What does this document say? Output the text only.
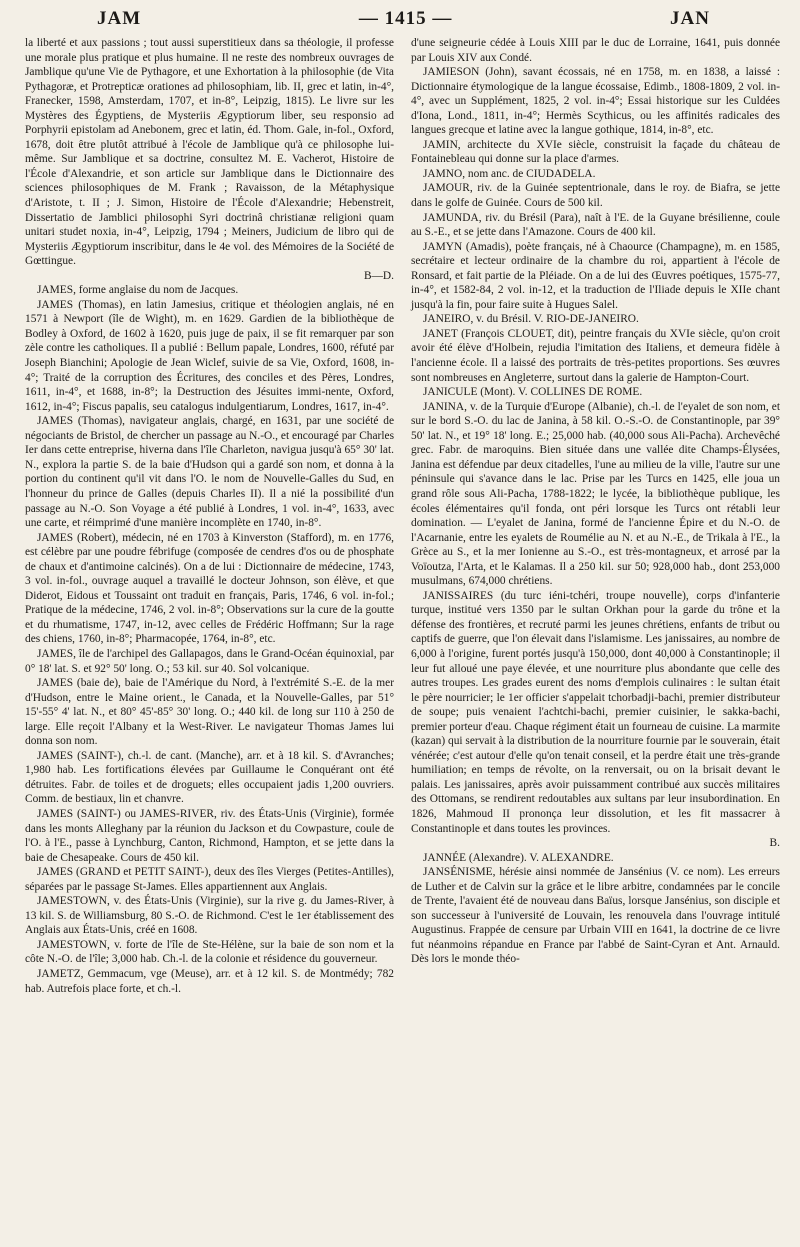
JAM	— 1415 —	JAN

la liberté et aux passions ; tout aussi superstitieux dans sa théologie, il professe une morale plus pratique et plus humaine. Il ne reste des nombreux ouvrages de Jamblique qu'une Vie de Pythagore, et une Exhortation à la philosophie (de Vita Pythagoræ, et Protrepticæ orationes ad philosophiam, lib. II, grec et latin, in-4°, Franecker, 1598, Amsterdam, 1707, et in-8°, Leipzig, 1815). Le livre sur les Mystères des Égyptiens, de Mysteriis Ægyptiorum liber, seu responsio ad Porphyrii epistolam ad Anebonem, grec et latin, éd. Thom. Gale, in-fol., Oxford, 1678, doit être plutôt attribué à l'école de Jamblique qu'à ce philosophe lui-même. Sur Jamblique et sa doctrine, consultez M. E. Vacherot, Histoire de l'École d'Alexandrie, et son article sur Jamblique dans le Dictionnaire des sciences philosophiques de M. Frank ; Ravaisson, de la Métaphysique d'Aristote, t. II ; J. Simon, Histoire de l'École d'Alexandrie; Hebenstreit, Dissertatio de Jamblici philosophi Syri doctrinâ christianæ religioni quam unitari studet noxia, in-4°, Leipzig, 1794 ; Meiners, Judicium de libro qui de Mysteriis Ægyptiorum inscribitur, dans le 4e vol. des Mémoires de la Société de Gœttingue.

B—D.

JAMES, forme anglaise du nom de Jacques.

JAMES (Thomas), en latin Jamesius, critique et théologien anglais, né en 1571 à Newport (île de Wight), m. en 1629. Gardien de la bibliothèque de Bodley à Oxford, de 1602 à 1620, puis juge de paix, il se fit remarquer par son zèle contre les catholiques. Il a publié : Bellum papale, Londres, 1600, réfuté par Joseph Bianchini; Apologie de Jean Wiclef, suivie de sa Vie, Oxford, 1608, in-4°; Traité de la corruption des Écritures, des conciles et des Pères, Londres, 1611, in-4°, et 1688, in-8°; la Destruction des Jésuites immi-nente, Oxford, 1612, in-4°; Fiscus papalis, seu catalogus indulgentiarum, Londres, 1617, in-4°.

JAMES (Thomas), navigateur anglais, chargé, en 1631, par une société de négociants de Bristol, de chercher un passage au N.-O., et encouragé par Charles Ier dans cette entreprise, hiverna dans l'île Charleton, navigua jusqu'à 65° 30' lat. N., explora la partie S. de la baie d'Hudson qui a gardé son nom, et donna à la portion du continent qu'il vit dans l'O. le nom de Nouvelle-Galles du Sud, en l'honneur du prince de Galles (depuis Charles II). Il a nié la possibilité d'un passage au N.-O. Son Voyage a été publié à Londres, 1 vol. in-4°, 1633, avec une carte, et réimprimé d'une manière incomplète en 1740, in-8°.

JAMES (Robert), médecin, né en 1703 à Kinverston (Stafford), m. en 1776, est célèbre par une poudre fébrifuge (composée de cendres d'os ou de phosphate de chaux et d'antimoine calcinés). On a de lui : Dictionnaire de médecine, 1743, 3 vol. in-fol., ouvrage auquel a travaillé le docteur Johnson, son élève, et que Diderot, Eidous et Toussaint ont traduit en français, Paris, 1746, 6 vol. in-fol.; Pratique de la médecine, 1746, 2 vol. in-8°; Observations sur la cure de la goutte et du rhumatisme, 1747, in-12, avec celles de Frédéric Hoffmann; Sur la rage des chiens, 1760, in-8°; Pharmacopée, 1764, in-8°, etc.

JAMES, île de l'archipel des Gallapagos, dans le Grand-Océan équinoxial, par 0° 18' lat. S. et 92° 50' long. O.; 53 kil. sur 40. Sol volcanique.

JAMES (baie de), baie de l'Amérique du Nord, à l'extrémité S.-E. de la mer d'Hudson, entre le Maine orient., le Canada, et la Nouvelle-Galles, par 51° 15'-55° 4' lat. N., et 80° 45'-85° 30' long. O.; 440 kil. de long sur 110 à 250 de large. Elle reçoit l'Albany et la West-River. Le navigateur Thomas James lui donna son nom.

JAMES (SAINT-), ch.-l. de cant. (Manche), arr. et à 18 kil. S. d'Avranches; 1,980 hab. Les fortifications élevées par Guillaume le Conquérant ont été détruites. Fabr. de toiles et de droguets; elles occupaient jadis 1,200 ouvriers. Comm. de bestiaux, lin et chanvre.

JAMES (SAINT-) ou JAMES-RIVER, riv. des États-Unis (Virginie), formée dans les monts Alleghany par la réunion du Jackson et du Cowpasture, coule de l'O. à l'E., passe à Lynchburg, Canton, Richmond, Hampton, et se jette dans la baie de Chesapeake. Cours de 450 kil.

JAMES (GRAND et PETIT SAINT-), deux des îles Vierges (Petites-Antilles), séparées par le passage St-James. Elles appartiennent aux Anglais.

JAMESTOWN, v. des États-Unis (Virginie), sur la rive g. du James-River, à 13 kil. S. de Williamsburg, 80 S.-O. de Richmond. C'est le 1er établissement des Anglais aux États-Unis, créé en 1608.

JAMESTOWN, v. forte de l'île de Ste-Hélène, sur la baie de son nom et la côte N.-O. de l'île; 3,000 hab. Ch.-l. de la colonie et résidence du gouverneur.

JAMETZ, Gemmacum, vge (Meuse), arr. et à 12 kil. S. de Montmédy; 782 hab. Autrefois place forte, et ch.-l.

d'une seigneurie cédée à Louis XIII par le duc de Lorraine, 1641, puis donnée par Louis XIV aux Condé.

JAMIESON (John), savant écossais, né en 1758, m. en 1838, a laissé : Dictionnaire étymologique de la langue écossaise, Edimb., 1808-1809, 2 vol. in-4°, avec un Supplément, 1825, 2 vol. in-4°; Essai historique sur les Culdées d'Iona, Lond., 1811, in-4°; Hermès Scythicus, ou les affinités radicales des langues grecque et latine avec la langue gothique, 1814, in-8°, etc.

JAMIN, architecte du XVIe siècle, construisit la façade du château de Fontainebleau qui donne sur la place d'armes.

JAMNO, nom anc. de CIUDADELA.

JAMOUR, riv. de la Guinée septentrionale, dans le roy. de Biafra, se jette dans le golfe de Guinée. Cours de 500 kil.

JAMUNDA, riv. du Brésil (Para), naît à l'E. de la Guyane brésilienne, coule au S.-E., et se jette dans l'Amazone. Cours de 400 kil.

JAMYN (Amadis), poète français, né à Chaource (Champagne), m. en 1585, secrétaire et lecteur ordinaire de la chambre du roi, appartient à l'école de Ronsard, et fait partie de la Pléiade. On a de lui des Œuvres poétiques, 1575-77, in-4°, et 1582-84, 2 vol. in-12, et la traduction de l'Iliade depuis le XIIe chant jusqu'à la fin, pour faire suite à Hugues Salel.

JANEIRO, v. du Brésil. V. RIO-DE-JANEIRO.

JANET (François CLOUET, dit), peintre français du XVIe siècle, qu'on croit avoir été élève d'Holbein, rejudia l'imitation des Italiens, et demeura fidèle à l'ancienne école. Il a laissé des portraits de très-petites proportions. Ses œuvres sont nombreuses en Angleterre, surtout dans la galerie de Hampton-Court.

JANICULE (Mont). V. COLLINES DE ROME.

JANINA, v. de la Turquie d'Europe (Albanie), ch.-l. de l'eyalet de son nom, et sur le bord S.-O. du lac de Janina, à 58 kil. O.-S.-O. de Constantinople, par 39° 50' lat. N., et 19° 18' long. E.; 25,000 hab. (40,000 sous Ali-Pacha). Archevêché grec. Fabr. de maroquins. Bien située dans une vallée dite Champs-Élysées, Janina est défendue par deux citadelles, l'une au milieu de la ville, l'autre sur une péninsule qui s'avance dans le lac. Prise par les Turcs en 1425, elle joua un grand rôle sous Ali-Pacha, 1788-1822; le lycée, la bibliothèque publique, les écoles élémentaires qu'il fonda, ont péri lorsque les Turcs ont rétabli leur domination. — L'eyalet de Janina, formé de l'ancienne Épire et du N.-O. de l'Acarnanie, entre les eyalets de Roumélie au N. et au N.-E., de Trikala à l'E., la Grèce au S., et la mer Ionienne au S.-O., est très-montagneux, et arrosé par la Voïoutza, l'Arta, et le Kalamas. Il a 250 kil. sur 50; 928,000 hab., dont 253,000 musulmans, 674,000 chrétiens.

JANISSAIRES (du turc iéni-tchéri, troupe nouvelle), corps d'infanterie turque, institué vers 1350 par le sultan Orkhan pour la garde du trône et la défense des frontières, et recruté parmi les jeunes chrétiens, enfants de tribut ou captifs de guerre, que l'on élevait dans l'islamisme. Les janissaires, au nombre de 6,000 à l'origine, furent portés jusqu'à 150,000, dont 40,000 à Constantinople; il leur fut alloué une paye élevée, et une nourriture plus abondante que celle des autres troupes. Les grades eurent des noms d'emplois culinaires : le sultan était le père nourricier; le 1er officier s'appelait tchorbadji-bachi, premier distributeur de soupe; puis venaient l'achtchi-bachi, premier cuisinier, le sakka-bachi, premier porteur d'eau. Chaque régiment était un fourneau de cuisine. La marmite (kazan) qui servait à la distribution de la nourriture fournie par le souverain, était vénérée; c'est autour d'elle qu'on tenait conseil, et la perdre était une très-grande humiliation; en temps de révolte, on la renversait, ou on la brisait devant le palais. Les janissaires, après avoir puissamment contribué aux succès militaires des Ottomans, se rendirent redoutables aux sultans par leur insubordination. En 1826, Mahmoud II prononça leur dissolution, et les fit massacrer à Constantinople et dans toutes les provinces.

B.

JANNÉE (Alexandre). V. ALEXANDRE.

JANSÉNISME, hérésie ainsi nommée de Jansénius (V. ce nom). Les erreurs de Luther et de Calvin sur la grâce et le libre arbitre, condamnées par le concile de Trente, l'avaient été de nouveau dans Baïus, lorsque Jansénius, son disciple et son successeur à l'université de Louvain, les renouvela dans l'ouvrage intitulé Augustinus. Frappée de censure par Urbain VIII en 1641, la doctrine de ce livre fut néanmoins répandue en France par l'abbé de Saint-Cyran et Ant. Arnauld. Dès lors le monde théo-
